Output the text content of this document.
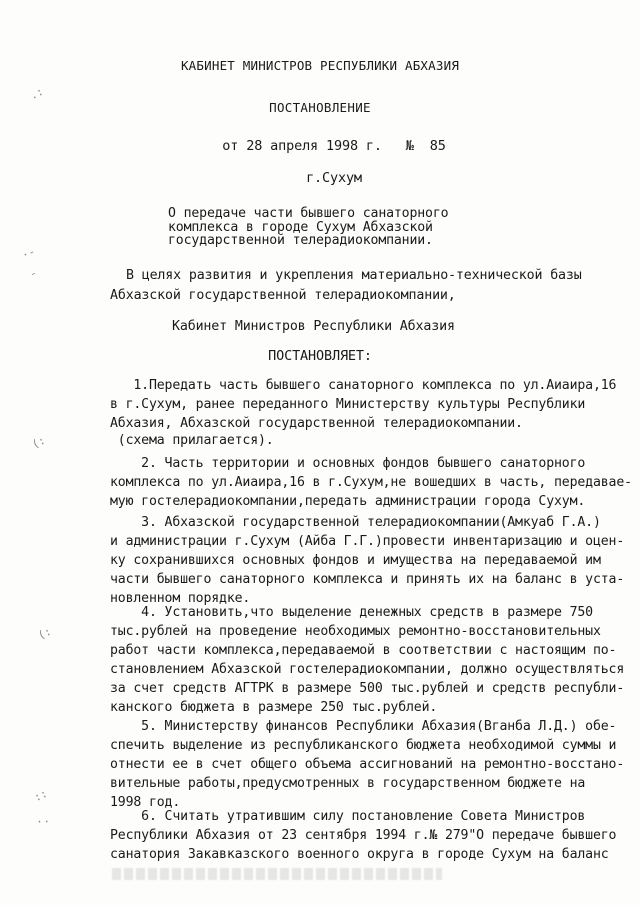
КАБИНЕТ МИНИСТРОВ РЕСПУБЛИКИ АБХАЗИЯ
ПОСТАНОВЛЕНИЕ
от 28 апреля 1998 г.   №  85
г.Сухум
О передаче части бывшего санаторного
комплекса в городе Сухум Абхазской
государственной телерадиокомпании.
В целях развития и укрепления материально-технической базы
Абхазской государственной телерадиокомпании,
Кабинет Министров Республики Абхазия
ПОСТАНОВЛЯЕТ:
1.Передать часть бывшего санаторного комплекса по ул.Аиаира,16
в г.Сухум, ранее переданного Министерству культуры Республики
Абхазия, Абхазской государственной телерадиокомпании.
(схема прилагается).
2. Часть территории и основных фондов бывшего санаторного
комплекса по ул.Аиаира,16 в г.Сухум,не вошедших в часть, передавае-
мую гостелерадиокомпании,передать администрации города Сухум.
3. Абхазской государственной телерадиокомпании(Амкуаб Г.А.)
и администрации г.Сухум (Айба Г.Г.)провести инвентаризацию и оцен-
ку сохранившихся основных фондов и имущества на передаваемой им
части бывшего санаторного комплекса и принять их на баланс в уста-
новленном порядке.
4. Установить,что выделение денежных средств в размере 750
тыс.рублей на проведение необходимых ремонтно-восстановительных
работ части комплекса,передаваемой в соответствии с настоящим по-
становлением Абхазской гостелерадиокомпании, должно осуществляться
за счет средств АГТРК в размере 500 тыс.рублей и средств республи-
канского бюджета в размере 250 тыс.рублей.
5. Министерству финансов Республики Абхазия(Вганба Л.Д.) обе-
спечить выделение из республиканского бюджета необходимой суммы и
отнести ее в счет общего объема ассигнований на ремонтно-восстано-
вительные работы,предусмотренных в государственном бюджете на
1998 год.
6. Считать утратившим силу постановление Совета Министров
Республики Абхазия от 23 сентября 1994 г.№ 279"О передаче бывшего
санатория Закавказского военного округа в городе Сухум на баланс
.:
·-
-
(:
(:
::
·.
